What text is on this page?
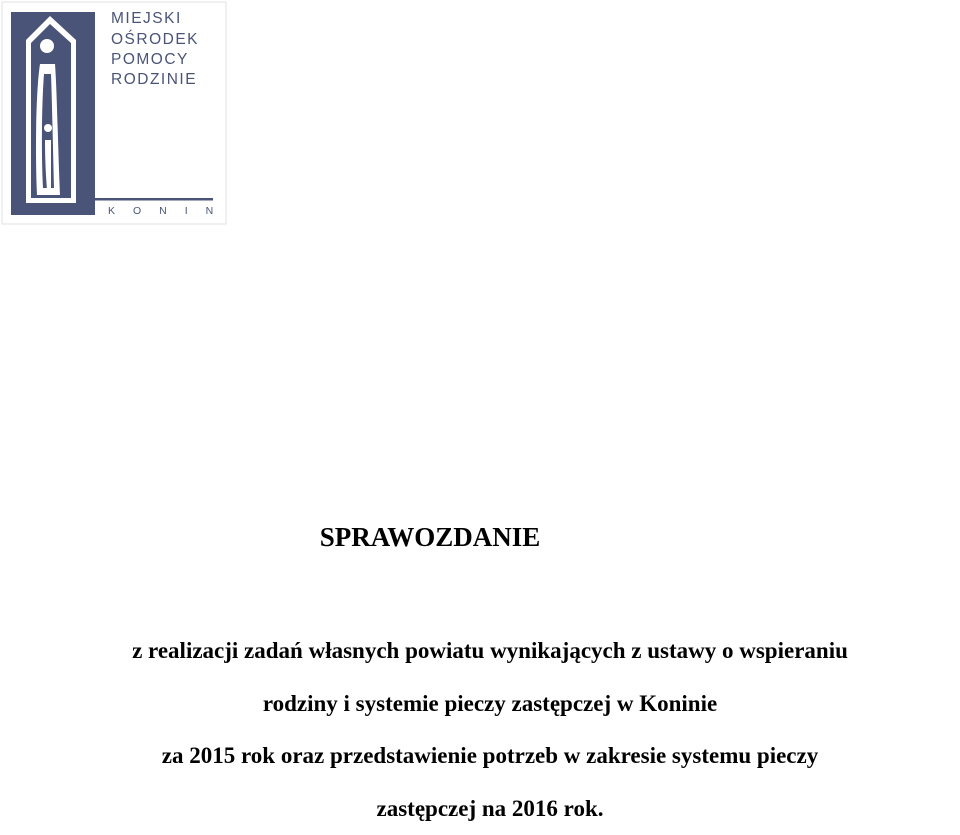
MIEJSKI
OŚRODEK
POMOCY
RODZINIE
KONIN
SPRAWOZDANIE
z realizacji zadań własnych powiatu wynikających z ustawy o wspieraniu
rodziny i systemie pieczy zastępczej w Koninie
za 2015 rok oraz przedstawienie potrzeb w zakresie systemu pieczy
zastępczej na 2016 rok.
